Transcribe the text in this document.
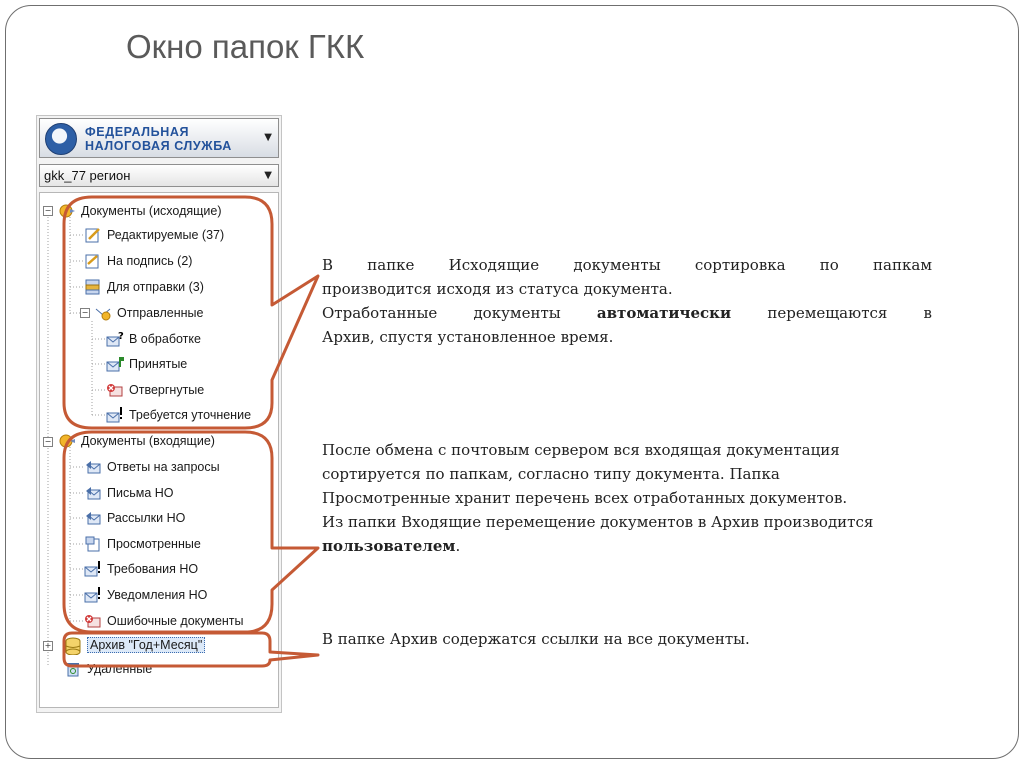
Окно папок ГКК
ФЕДЕРАЛЬНАЯ
НАЛОГОВАЯ СЛУЖБА
▼
gkk_77 регион	▼
− Документы (исходящие)
Редактируемые (37)
На подпись (2)
Для отправки (3)
− Отправленные
? В обработке
Принятые
Отвергнутые
Требуется уточнение
− Документы (входящие)
Ответы на запросы
Письма НО
Рассылки НО
Просмотренные
Требования НО
Уведомления НО
Ошибочные документы
+	Архив "Год+Месяц"
Удаленные

В папке Исходящие документы сортировка по папкам

производится исходя из статуса документа.

Отработанные документы автоматически перемещаются в

Архив, спустя установленное время.

После обмена с почтовым сервером вся входящая документация

сортируется по папкам, согласно типу документа. Папка

Просмотренные хранит перечень всех отработанных документов.

Из папки Входящие перемещение документов в Архив производится

пользователем.

В папке Архив содержатся ссылки на все документы.
